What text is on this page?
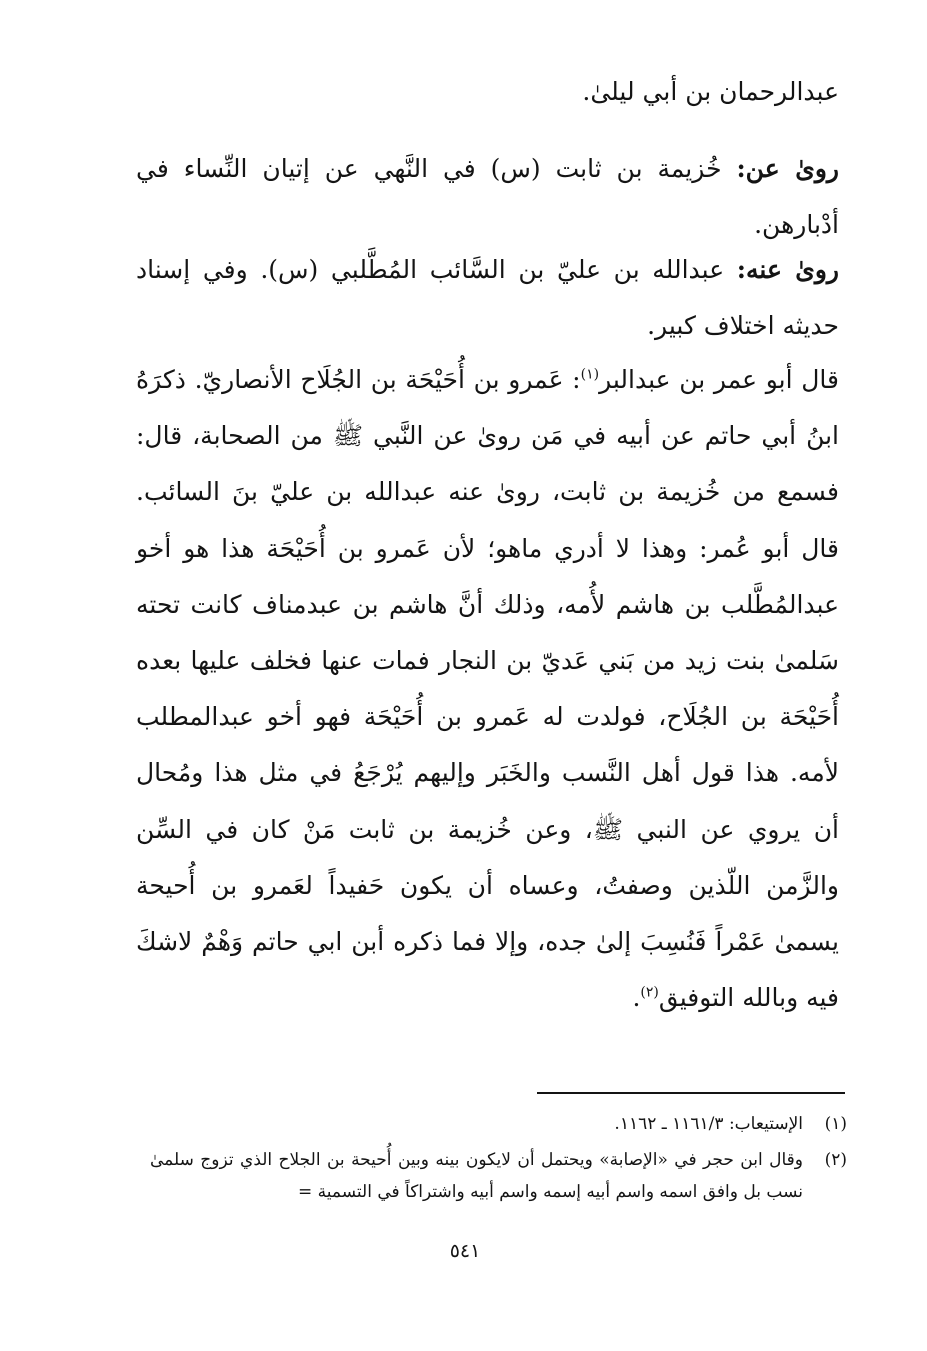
عبدالرحمان بن أبي ليلىٰ.

روىٰ عن: خُزيمة بن ثابت (س) في النَّهي عن إتيان النِّساء في أدْبارهن.

روىٰ عنه: عبدالله بن عليّ بن السَّائب المُطَّلبي (س). وفي إسناد حديثه اختلاف كبير.

قال أبو عمر بن عبدالبر$^{(١)}$: عَمرو بن أُحَيْحَة بن الجُلَاح الأنصاريّ. ذكرَهُ ابنُ أبي حاتم عن أبيه في مَن روىٰ عن النَّبي ﷺ من الصحابة، قال: فسمع من خُزيمة بن ثابت، روىٰ عنه عبدالله بن عليّ بنَ السائب. قال أبو عُمر: وهذا لا أدري ماهو؛ لأن عَمرو بن أُحَيْحَة هذا هو أخو عبدالمُطَّلب بن هاشم لأُمه، وذلك أنَّ هاشم بن عبدمناف كانت تحته سَلمىٰ بنت زيد من بَني عَديّ بن النجار فمات عنها فخلف عليها بعده أُحَيْحَة بن الجُلَاح، فولدت له عَمرو بن أُحَيْحَة فهو أخو عبدالمطلب لأمه. هذا قول أهل النَّسب والخَبَر وإليهم يُرْجَعُ في مثل هذا ومُحال أن يروي عن النبي ﷺ، وعن خُزيمة بن ثابت مَنْ كان في السِّن والزَّمن اللّذين وصفتُ، وعساه أن يكون حَفيداً لعَمرو بن أُحيحة يسمىٰ عَمْراً فَنُسِبَ إلىٰ جده، وإلا فما ذكره أبن ابي حاتم وَهْمٌ لاشكَ فيه وبالله التوفيق$^{(٢)}$.

(١)
الإستيعاب: ١١٦١/٣ ـ ١١٦٢.
(٢)
وقال ابن حجر في «الإصابة» ويحتمل أن لايكون بينه وبين أُحيحة بن الجلاح الذي تزوج سلمىٰ نسب بل وافق اسمه واسم أبيه إسمه واسم أبيه واشتراكاً في التسمية =
٥٤١
